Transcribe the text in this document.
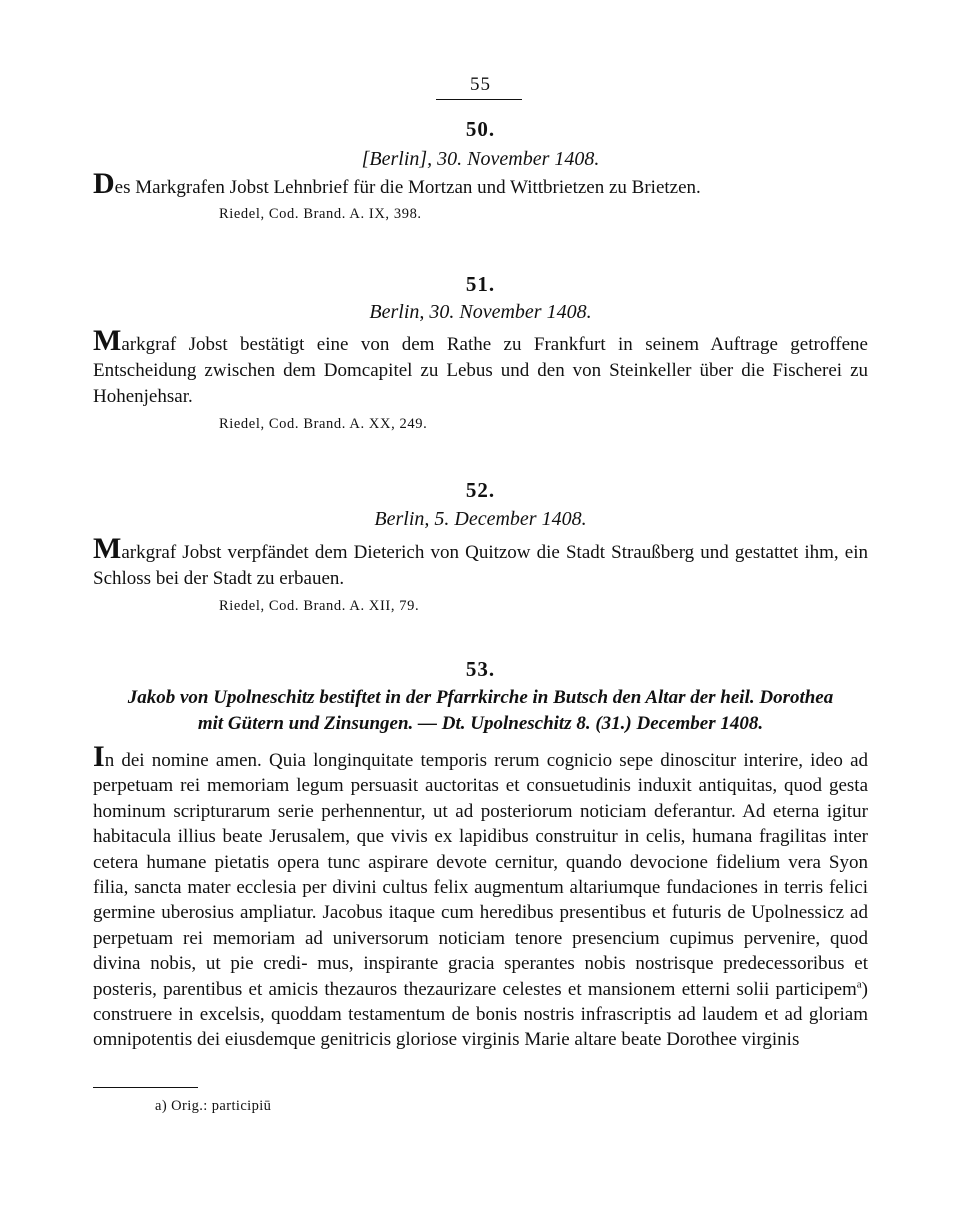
55
50.
[Berlin], 30. November 1408.
Des Markgrafen Jobst Lehnbrief für die Mortzan und Wittbrietzen zu Brietzen.
Riedel, Cod. Brand. A. IX, 398.
51.
Berlin, 30. November 1408.
Markgraf Jobst bestätigt eine von dem Rathe zu Frankfurt in seinem Auftrage getroffene Entscheidung zwischen dem Domcapitel zu Lebus und den von Steinkeller über die Fischerei zu Hohenjehsar.
Riedel, Cod. Brand. A. XX, 249.
52.
Berlin, 5. December 1408.
Markgraf Jobst verpfändet dem Dieterich von Quitzow die Stadt Straußberg und gestattet ihm, ein Schloss bei der Stadt zu erbauen.
Riedel, Cod. Brand. A. XII, 79.
53.
Jakob von Upolneschitz bestiftet in der Pfarrkirche in Butsch den Altar der heil. Dorothea
mit Gütern und Zinsungen. — Dt. Upolneschitz 8. (31.) December 1408.
In dei nomine amen. Quia longinquitate temporis rerum cognicio sepe dinoscitur interire, ideo ad perpetuam rei memoriam legum persuasit auctoritas et consuetudinis induxit antiquitas, quod gesta hominum scripturarum serie perhennentur, ut ad posteriorum noticiam deferantur. Ad eterna igitur habitacula illius beate Jerusalem, que vivis ex lapidibus construitur in celis, humana fragilitas inter cetera humane pietatis opera tunc aspirare devote cernitur, quando devocione fidelium vera Syon filia, sancta mater ecclesia per divini cultus felix augmentum altariumque fundaciones in terris felici germine uberosius ampliatur. Jacobus itaque cum heredibus presentibus et futuris de Upolnessicz ad perpetuam rei memoriam ad universorum noticiam tenore presencium cupimus pervenire, quod divina nobis, ut pie credi- mus, inspirante gracia sperantes nobis nostrisque predecessoribus et posteris, parentibus et amicis thezauros thezaurizare celestes et mansionem etterni solii participem$^a$) construere in excelsis, quoddam testamentum de bonis nostris infrascriptis ad laudem et ad gloriam omnipotentis dei eiusdemque genitricis gloriose virginis Marie altare beate Dorothee virginis
a) Orig.: participiū
